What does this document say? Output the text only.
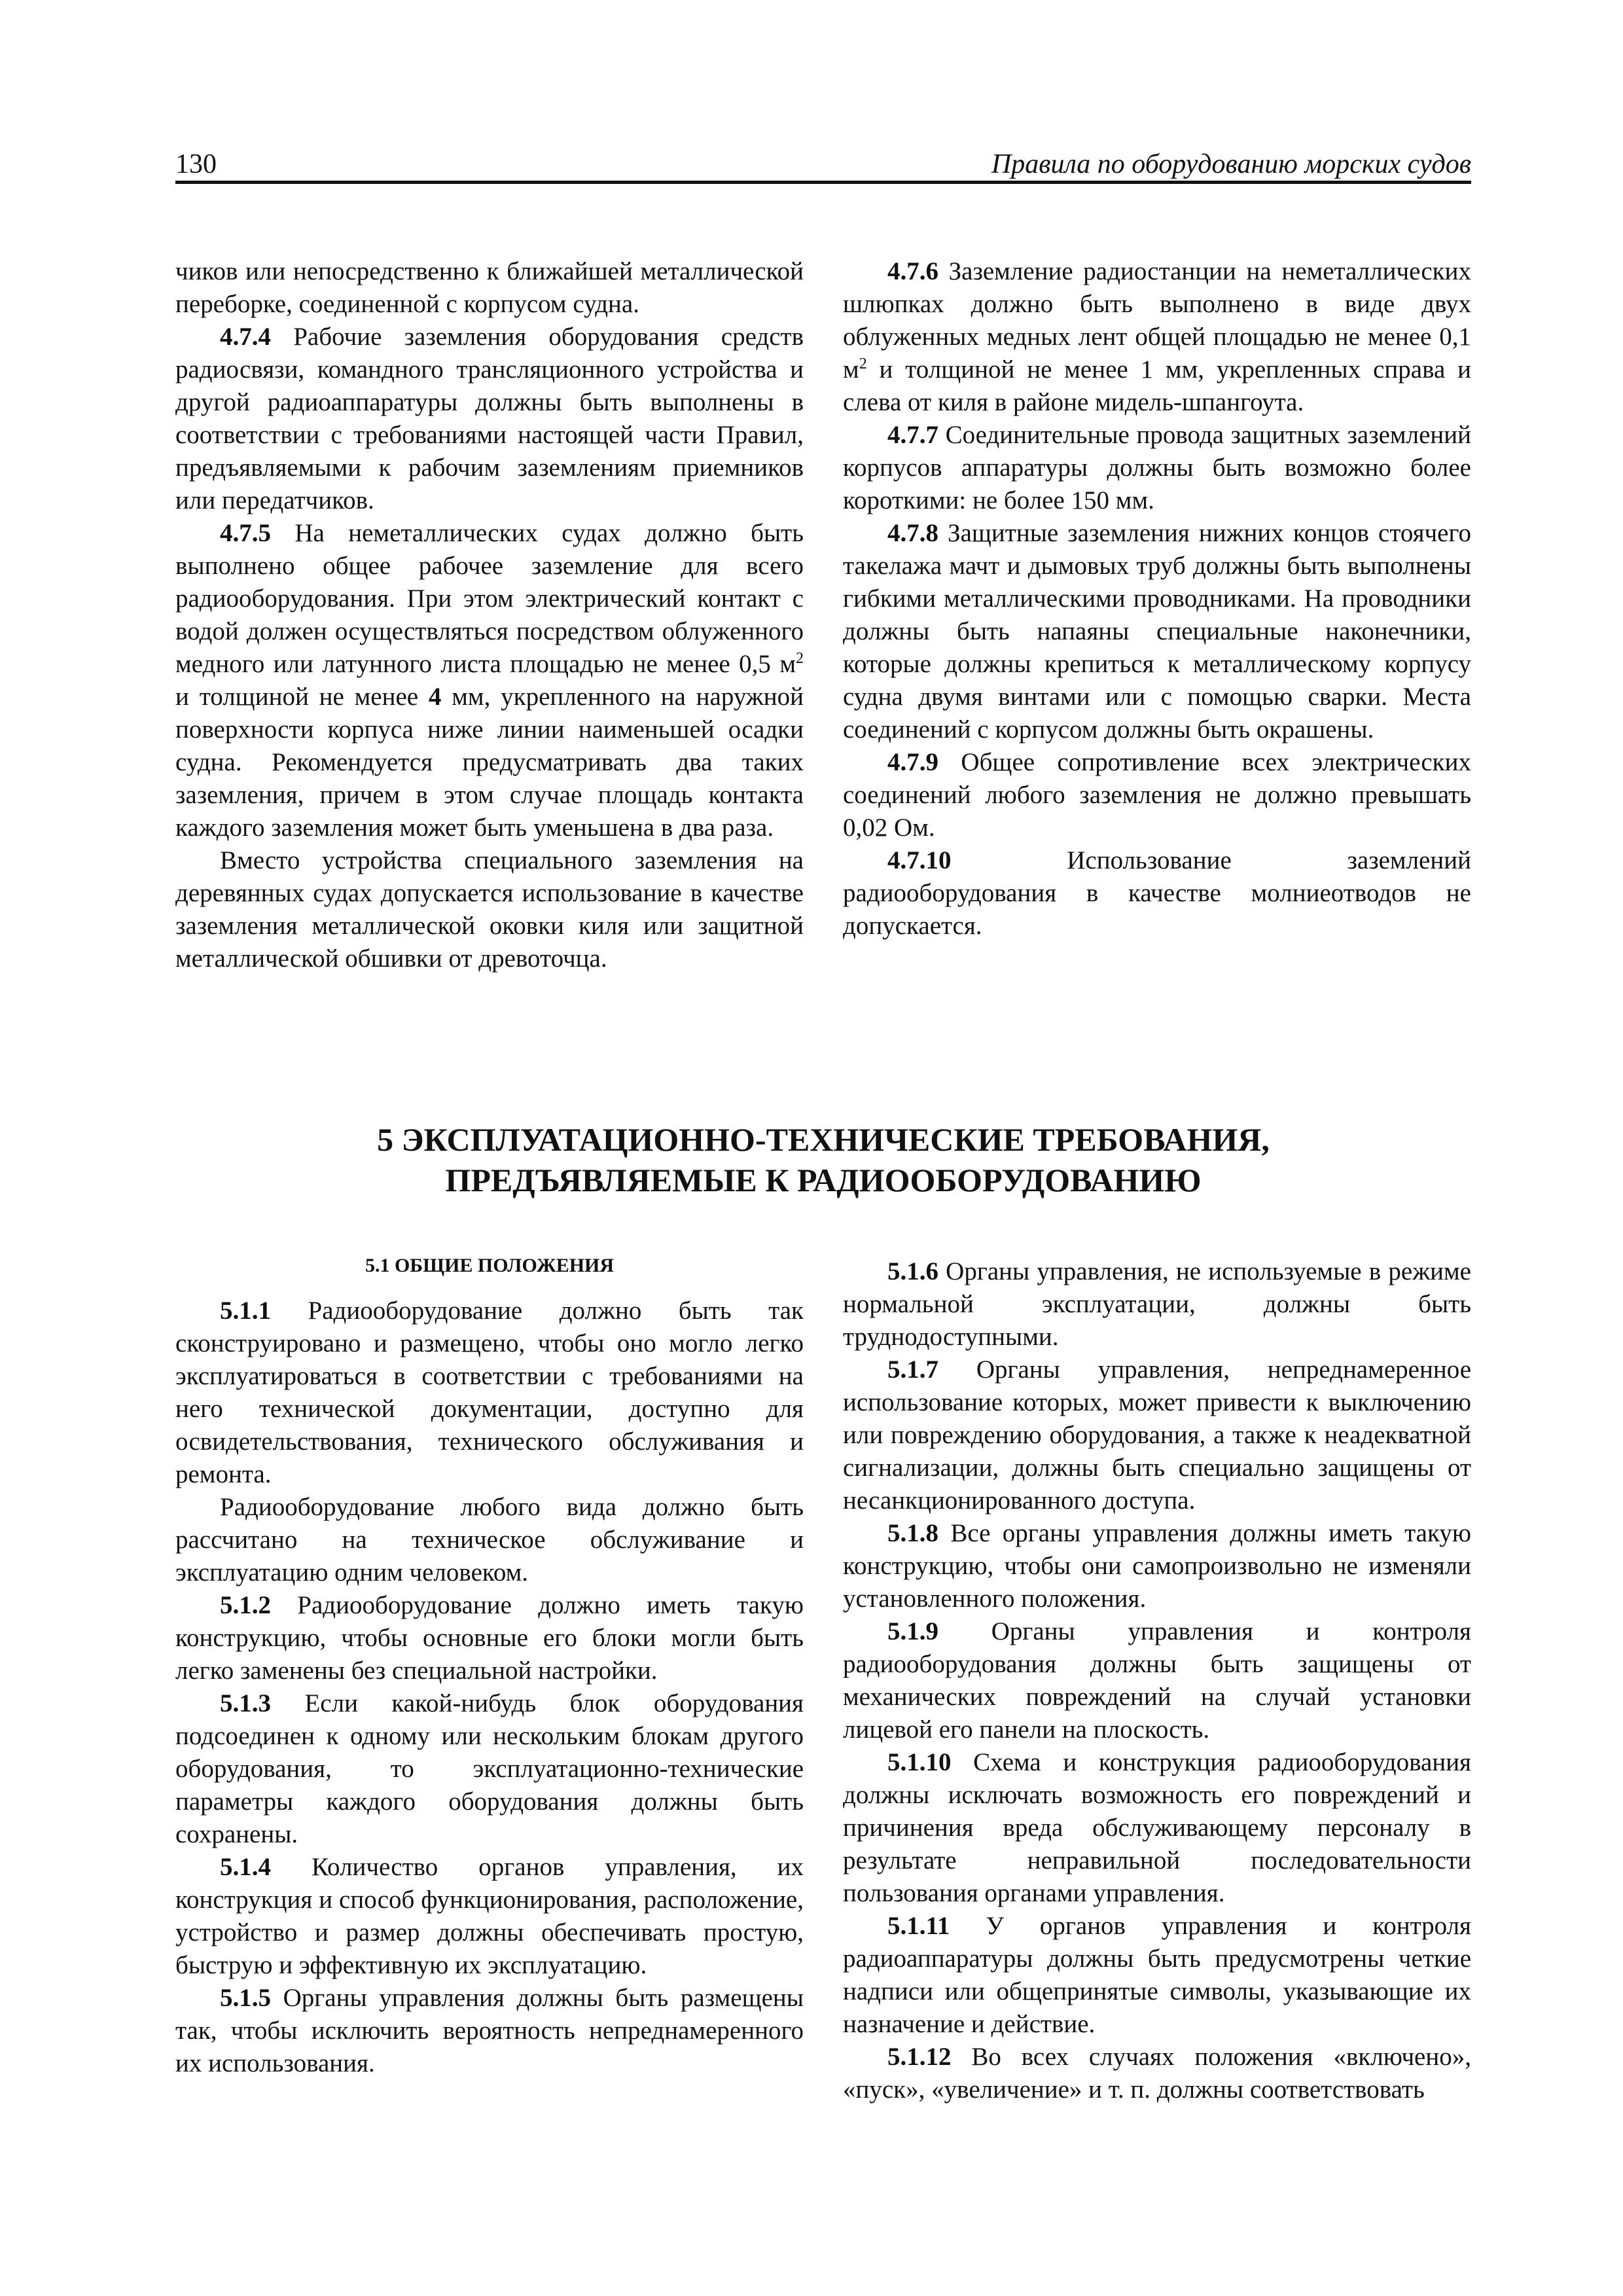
130	Правила по оборудованию морских судов

чиков или непосредственно к ближайшей металлической переборке, соединенной с корпусом судна.

4.7.4 Рабочие заземления оборудования средств радиосвязи, командного трансляционного устройства и другой радиоаппаратуры должны быть выполнены в соответствии с требованиями настоящей части Правил, предъявляемыми к рабочим заземлениям приемников или передатчиков.

4.7.5 На неметаллических судах должно быть выполнено общее рабочее заземление для всего радиооборудования. При этом электрический контакт с водой должен осуществляться посредством облуженного медного или латунного листа площадью не менее 0,5 $м^2$ и толщиной не менее 4 мм, укрепленного на наружной поверхности корпуса ниже линии наименьшей осадки судна. Рекомендуется предусматривать два таких заземления, причем в этом случае площадь контакта каждого заземления может быть уменьшена в два раза.

Вместо устройства специального заземления на деревянных судах допускается использование в качестве заземления металлической оковки киля или защитной металлической обшивки от древоточца.

4.7.6 Заземление радиостанции на неметаллических шлюпках должно быть выполнено в виде двух облуженных медных лент общей площадью не менее 0,1 $м^2$ и толщиной не менее 1 мм, укрепленных справа и слева от киля в районе мидель-шпангоута.

4.7.7 Соединительные провода защитных заземлений корпусов аппаратуры должны быть возможно более короткими: не более 150 мм.

4.7.8 Защитные заземления нижних концов стоячего такелажа мачт и дымовых труб должны быть выполнены гибкими металлическими проводниками. На проводники должны быть напаяны специальные наконечники, которые должны крепиться к металлическому корпусу судна двумя винтами или с помощью сварки. Места соединений с корпусом должны быть окрашены.

4.7.9 Общее сопротивление всех электрических соединений любого заземления не должно превышать 0,02 Ом.

4.7.10 Использование заземлений радиооборудования в качестве молниеотводов не допускается.

5 ЭКСПЛУАТАЦИОННО-ТЕХНИЧЕСКИЕ ТРЕБОВАНИЯ,
ПРЕДЪЯВЛЯЕМЫЕ К РАДИООБОРУДОВАНИЮ
5.1 ОБЩИЕ ПОЛОЖЕНИЯ

5.1.1 Радиооборудование должно быть так сконструировано и размещено, чтобы оно могло легко эксплуатироваться в соответствии с требованиями на него технической документации, доступно для освидетельствования, технического обслуживания и ремонта.

Радиооборудование любого вида должно быть рассчитано на техническое обслуживание и эксплуатацию одним человеком.

5.1.2 Радиооборудование должно иметь такую конструкцию, чтобы основные его блоки могли быть легко заменены без специальной настройки.

5.1.3 Если какой-нибудь блок оборудования подсоединен к одному или нескольким блокам другого оборудования, то эксплуатационно-технические параметры каждого оборудования должны быть сохранены.

5.1.4 Количество органов управления, их конструкция и способ функционирования, расположение, устройство и размер должны обеспечивать простую, быструю и эффективную их эксплуатацию.

5.1.5 Органы управления должны быть размещены так, чтобы исключить вероятность непреднамеренного их использования.

5.1.6 Органы управления, не используемые в режиме нормальной эксплуатации, должны быть труднодоступными.

5.1.7 Органы управления, непреднамеренное использование которых, может привести к выключению или повреждению оборудования, а также к неадекватной сигнализации, должны быть специально защищены от несанкционированного доступа.

5.1.8 Все органы управления должны иметь такую конструкцию, чтобы они самопроизвольно не изменяли установленного положения.

5.1.9 Органы управления и контроля радиооборудования должны быть защищены от механических повреждений на случай установки лицевой его панели на плоскость.

5.1.10 Схема и конструкция радиооборудования должны исключать возможность его повреждений и причинения вреда обслуживающему персоналу в результате неправильной последовательности пользования органами управления.

5.1.11 У органов управления и контроля радиоаппаратуры должны быть предусмотрены четкие надписи или общепринятые символы, указывающие их назначение и действие.

5.1.12 Во всех случаях положения «включено», «пуск», «увеличение» и т. п. должны соответствовать
